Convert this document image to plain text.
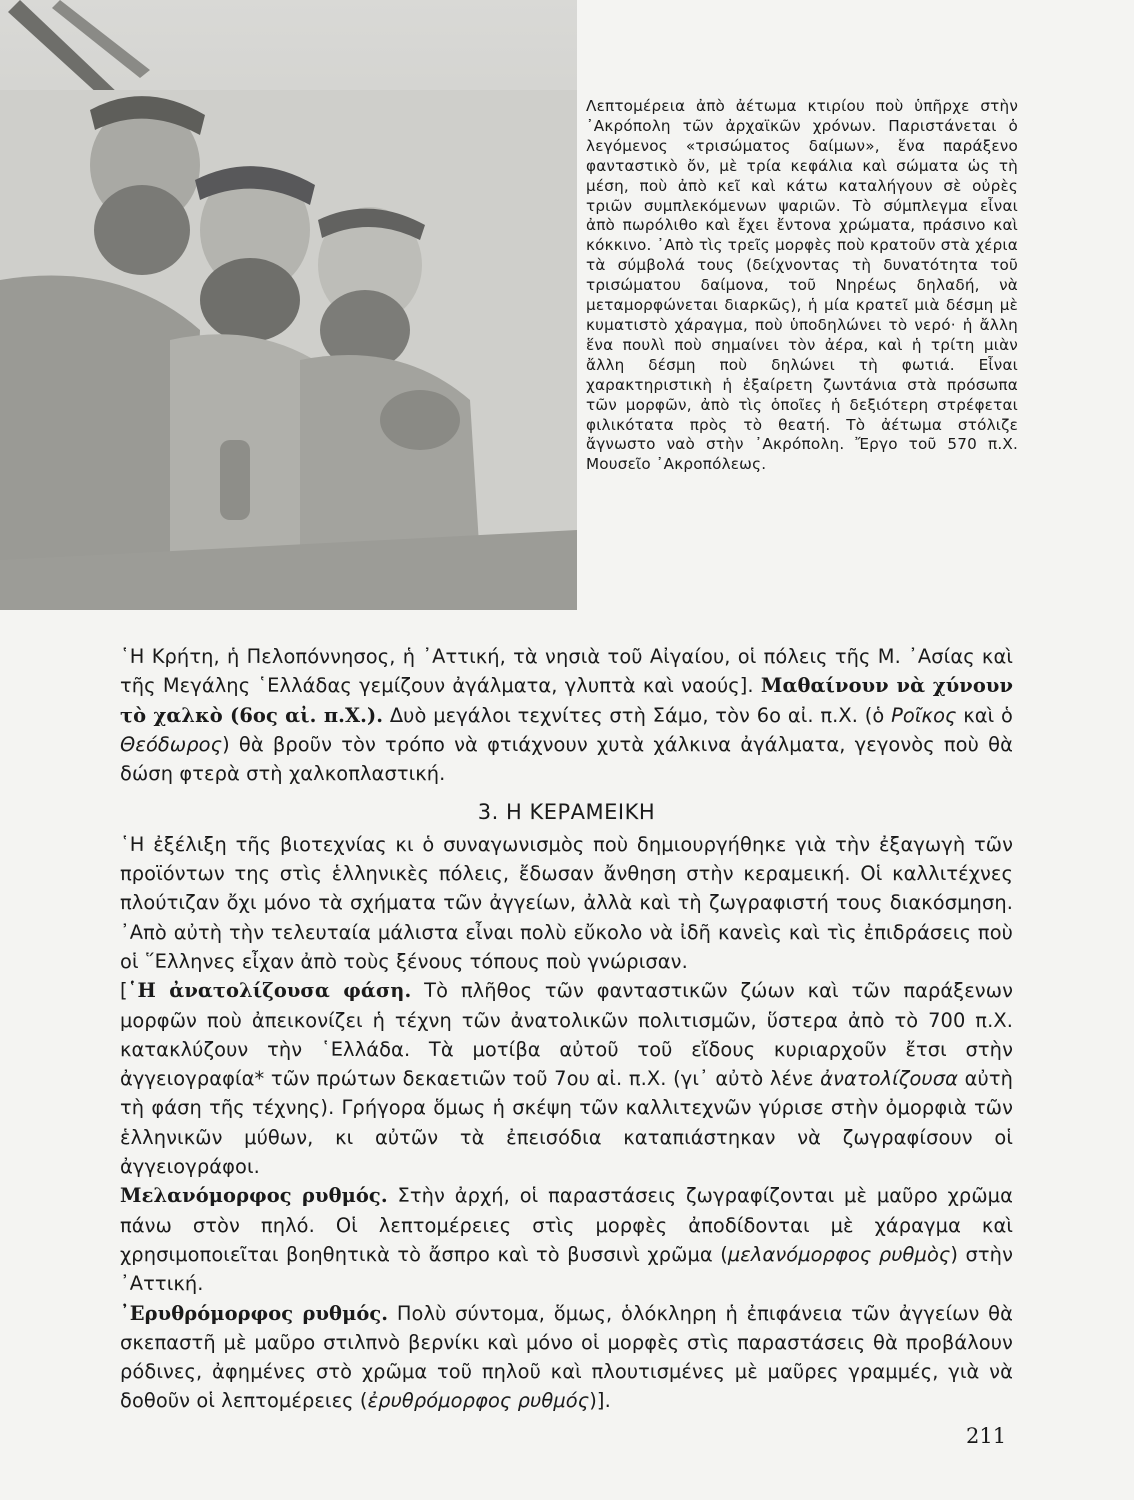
Λεπτομέρεια ἀπὸ ἀέτωμα κτιρίου ποὺ ὑπῆρχε στὴν ᾿Ακρόπολη τῶν ἀρχαϊκῶν χρόνων. Παριστάνεται ὁ λεγόμενος «τρισώματος δαίμων», ἕνα παράξενο φανταστικὸ ὄν, μὲ τρία κεφάλια καὶ σώματα ὡς τὴ μέση, ποὺ ἀπὸ κεῖ καὶ κάτω καταλήγουν σὲ οὐρὲς τριῶν συμπλεκόμενων ψαριῶν. Τὸ σύμπλεγμα εἶναι ἀπὸ πωρόλιθο καὶ ἔχει ἔντονα χρώματα, πράσινο καὶ κόκκινο. ᾿Απὸ τὶς τρεῖς μορφὲς ποὺ κρατοῦν στὰ χέρια τὰ σύμβολά τους (δείχνοντας τὴ δυνατότητα τοῦ τρισώματου δαίμονα, τοῦ Νηρέως δηλαδή, νὰ μεταμορφώνεται διαρκῶς), ἡ μία κρατεῖ μιὰ δέσμη μὲ κυματιστὸ χάραγμα, ποὺ ὑποδηλώνει τὸ νερό· ἡ ἄλλη ἕνα πουλὶ ποὺ σημαίνει τὸν ἀέρα, καὶ ἡ τρίτη μιὰν ἄλλη δέσμη ποὺ δηλώνει τὴ φωτιά. Εἶναι χαρακτηριστικὴ ἡ ἐξαίρετη ζωντάνια στὰ πρόσωπα τῶν μορφῶν, ἀπὸ τὶς ὁποῖες ἡ δεξιότερη στρέφεται φιλικότατα πρὸς τὸ θεατή. Τὸ ἀέτωμα στόλιζε ἄγνωστο ναὸ στὴν ᾿Ακρόπολη. Ἔργο τοῦ 570 π.Χ. Μουσεῖο ᾿Ακροπόλεως.

῾Η Κρήτη, ἡ Πελοπόννησος, ἡ ᾿Αττική, τὰ νησιὰ τοῦ Αἰγαίου, οἱ πόλεις τῆς Μ. ᾿Ασίας καὶ τῆς Μεγάλης ῾Ελλάδας γεμίζουν ἀγάλματα, γλυπτὰ καὶ ναούς]. Μαθαίνουν νὰ χύνουν τὸ χαλκὸ (6ος αἰ. π.Χ.). Δυὸ μεγάλοι τεχνίτες στὴ Σάμο, τὸν 6ο αἰ. π.Χ. (ὁ Ροῖκος καὶ ὁ Θεόδωρος) θὰ βροῦν τὸν τρόπο νὰ φτιάχνουν χυτὰ χάλκινα ἀγάλματα, γεγονὸς ποὺ θὰ δώση φτερὰ στὴ χαλκοπλαστική.

3. Η ΚΕΡΑΜΕΙΚΗ

῾Η ἐξέλιξη τῆς βιοτεχνίας κι ὁ συναγωνισμὸς ποὺ δημιουργήθηκε γιὰ τὴν ἐξαγωγὴ τῶν προϊόντων της στὶς ἑλληνικὲς πόλεις, ἔδωσαν ἄνθηση στὴν κεραμεική. Οἱ καλλιτέχνες πλούτιζαν ὄχι μόνο τὰ σχήματα τῶν ἀγγείων, ἀλλὰ καὶ τὴ ζωγραφιστή τους διακόσμηση. ᾿Απὸ αὐτὴ τὴν τελευταία μάλιστα εἶναι πολὺ εὔκολο νὰ ἰδῆ κανεὶς καὶ τὶς ἐπιδράσεις ποὺ οἱ ῞Ελληνες εἶχαν ἀπὸ τοὺς ξένους τόπους ποὺ γνώρισαν.

[῾Η ἀνατολίζουσα φάση. Τὸ πλῆθος τῶν φανταστικῶν ζώων καὶ τῶν παράξενων μορφῶν ποὺ ἀπεικονίζει ἡ τέχνη τῶν ἀνατολικῶν πολιτισμῶν, ὕστερα ἀπὸ τὸ 700 π.Χ. κατακλύζουν τὴν ῾Ελλάδα. Τὰ μοτίβα αὐτοῦ τοῦ εἴδους κυριαρχοῦν ἔτσι στὴν ἀγγειογραφία* τῶν πρώτων δεκαετιῶν τοῦ 7ου αἰ. π.Χ. (γι᾿ αὐτὸ λένε ἀνατολίζουσα αὐτὴ τὴ φάση τῆς τέχνης). Γρήγορα ὅμως ἡ σκέψη τῶν καλλιτεχνῶν γύρισε στὴν ὀμορφιὰ τῶν ἑλληνικῶν μύθων, κι αὐτῶν τὰ ἐπεισόδια καταπιάστηκαν νὰ ζωγραφίσουν οἱ ἀγγειογράφοι.

Μελανόμορφος ρυθμός. Στὴν ἀρχή, οἱ παραστάσεις ζωγραφίζονται μὲ μαῦρο χρῶμα πάνω στὸν πηλό. Οἱ λεπτομέρειες στὶς μορφὲς ἀποδίδονται μὲ χάραγμα καὶ χρησιμοποιεῖται βοηθητικὰ τὸ ἄσπρο καὶ τὸ βυσσινὶ χρῶμα (μελανόμορφος ρυθμὸς) στὴν ᾿Αττική.

᾿Ερυθρόμορφος ρυθμός. Πολὺ σύντομα, ὅμως, ὁλόκληρη ἡ ἐπιφάνεια τῶν ἀγγείων θὰ σκεπαστῆ μὲ μαῦρο στιλπνὸ βερνίκι καὶ μόνο οἱ μορφὲς στὶς παραστάσεις θὰ προβάλουν ρόδινες, ἀφημένες στὸ χρῶμα τοῦ πηλοῦ καὶ πλουτισμένες μὲ μαῦρες γραμμές, γιὰ νὰ δοθοῦν οἱ λεπτομέρειες (ἐρυθρόμορφος ρυθμός)].

211
